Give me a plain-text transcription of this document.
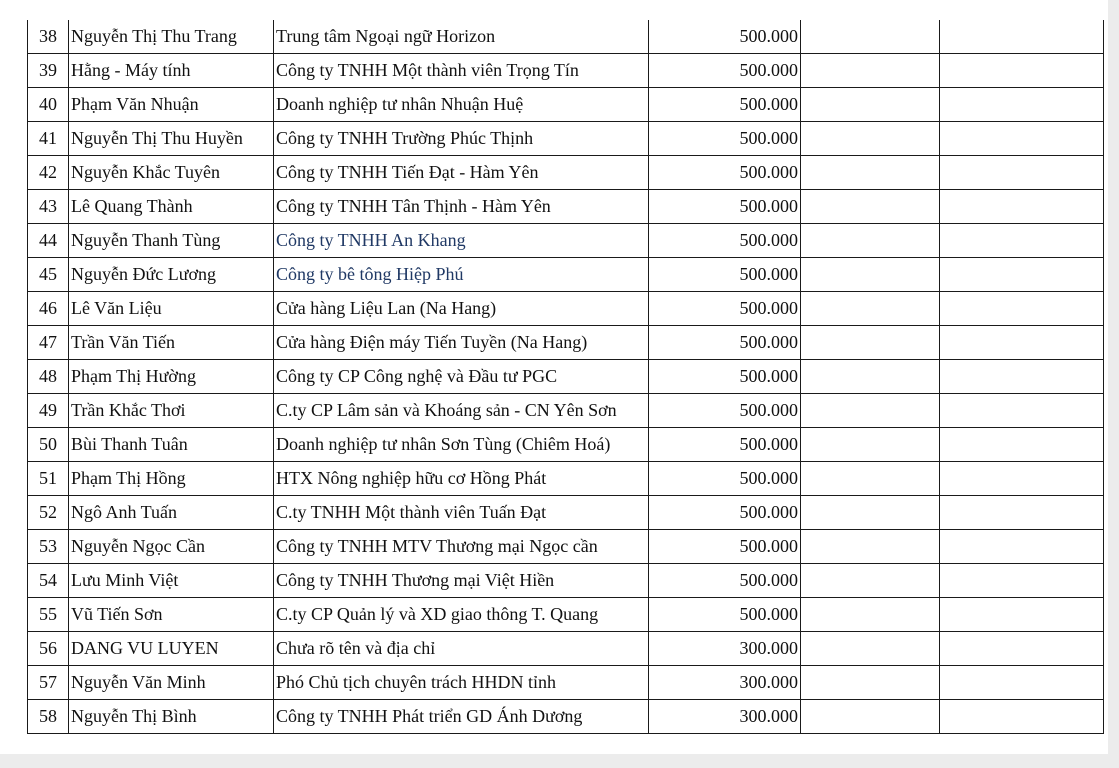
38	Nguyễn Thị Thu Trang	Trung tâm Ngoại ngữ Horizon	500.000		
39	Hằng - Máy tính	Công ty TNHH Một thành viên Trọng Tín	500.000		
40	Phạm Văn Nhuận	Doanh nghiệp tư nhân Nhuận Huệ	500.000		
41	Nguyễn Thị Thu Huyền	Công ty TNHH Trường Phúc Thịnh	500.000		
42	Nguyễn Khắc Tuyên	Công ty TNHH Tiến Đạt - Hàm Yên	500.000		
43	Lê Quang Thành	Công ty TNHH Tân Thịnh - Hàm Yên	500.000		
44	Nguyễn Thanh Tùng	Công ty TNHH An Khang	500.000		
45	Nguyễn Đức Lương	Công ty bê tông Hiệp Phú	500.000		
46	Lê Văn Liệu	Cửa hàng Liệu Lan (Na Hang)	500.000		
47	Trần Văn Tiến	Cửa hàng Điện máy Tiến Tuyền (Na Hang)	500.000		
48	Phạm Thị Hường	Công ty CP Công nghệ và Đầu tư PGC	500.000		
49	Trần Khắc Thơi	C.ty CP Lâm sản và Khoáng sản - CN Yên Sơn	500.000		
50	Bùi Thanh Tuân	Doanh nghiệp tư nhân Sơn Tùng (Chiêm Hoá)	500.000		
51	Phạm Thị Hồng	HTX Nông nghiệp hữu cơ Hồng Phát	500.000		
52	Ngô Anh Tuấn	C.ty TNHH Một thành viên Tuấn Đạt	500.000		
53	Nguyễn Ngọc Cần	Công ty TNHH MTV Thương mại Ngọc cần	500.000		
54	Lưu Minh Việt	Công ty TNHH Thương mại Việt Hiền	500.000		
55	Vũ Tiến Sơn	C.ty CP Quản lý và XD giao thông T. Quang	500.000		
56	DANG VU LUYEN	Chưa rõ tên và địa chỉ	300.000		
57	Nguyễn Văn Minh	Phó Chủ tịch chuyên trách HHDN tỉnh	300.000		
58	Nguyễn Thị Bình	Công ty TNHH Phát triển GD Ánh Dương	300.000		
